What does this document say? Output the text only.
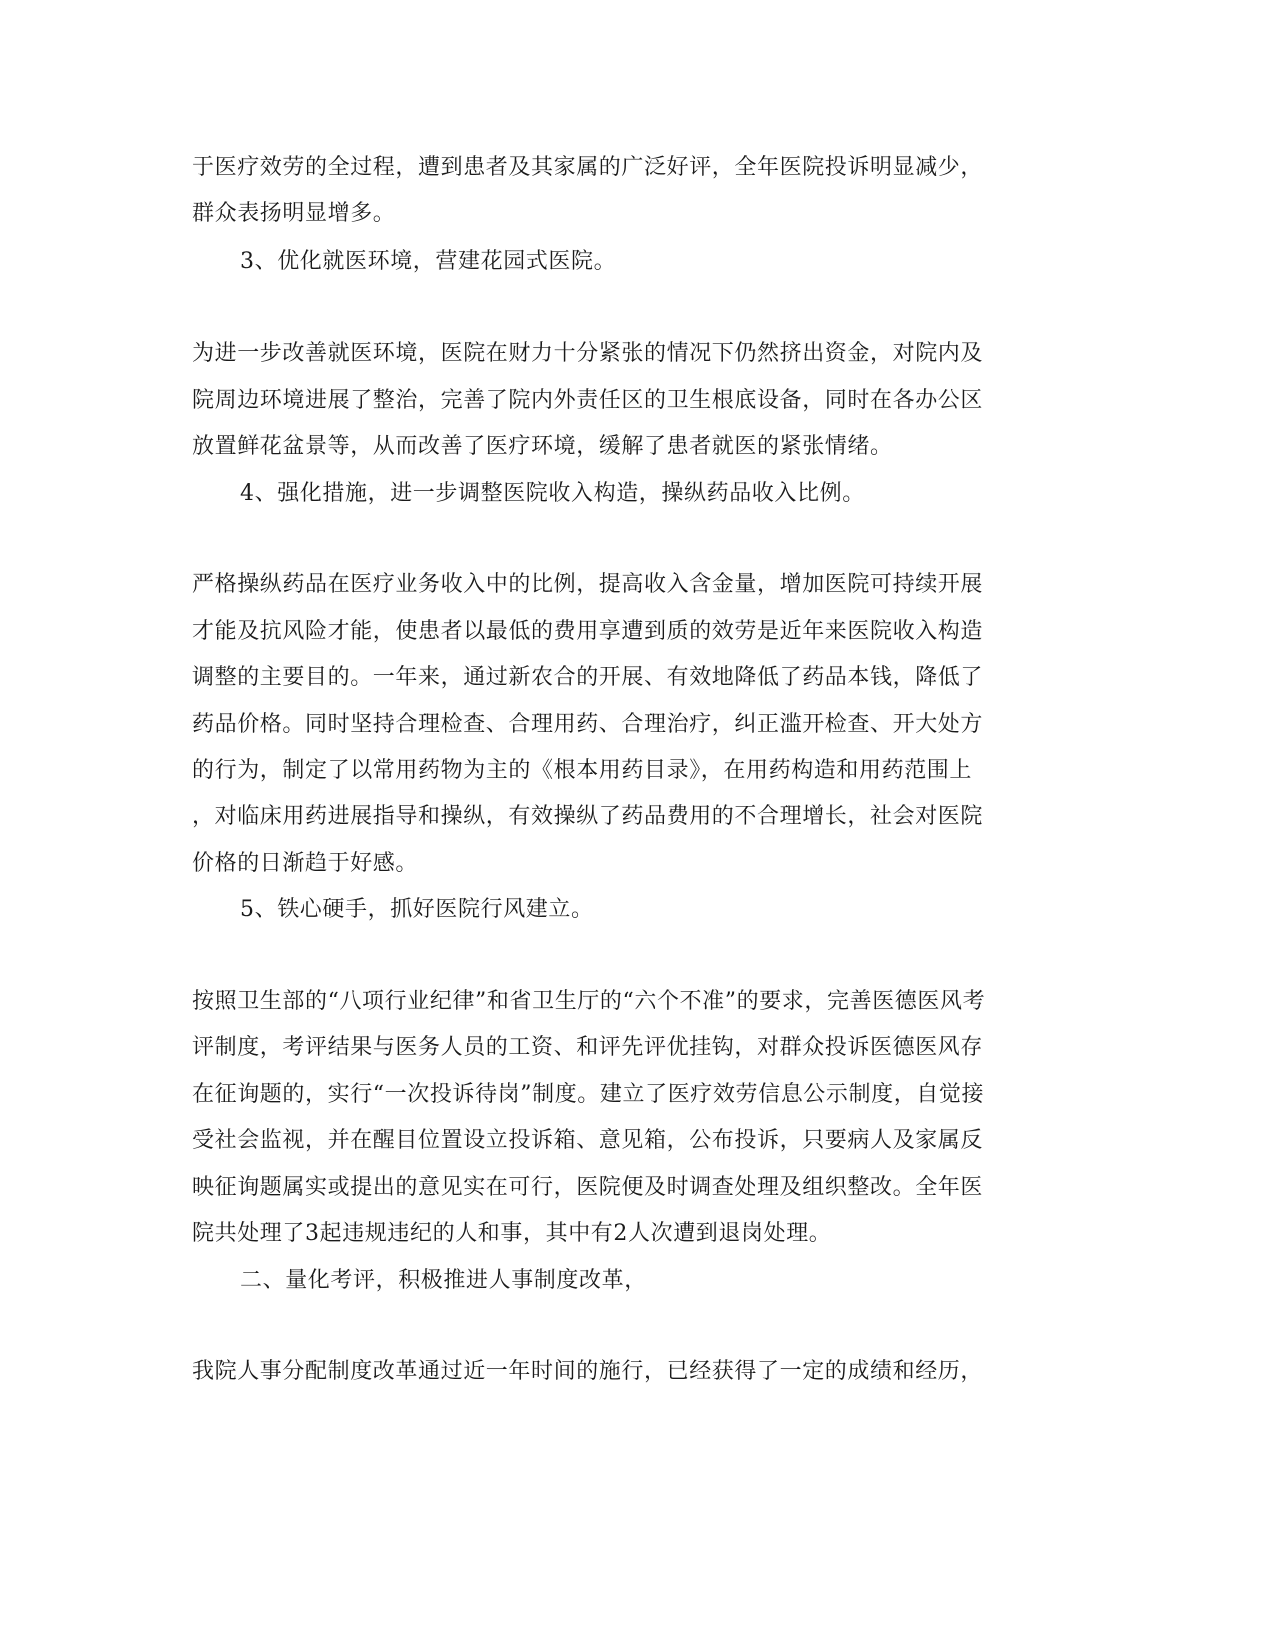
于医疗效劳的全过程，遭到患者及其家属的广泛好评，全年医院投诉明显减少，
群众表扬明显增多。
3、优化就医环境，营建花园式医院。
为进一步改善就医环境，医院在财力十分紧张的情况下仍然挤出资金，对院内及
院周边环境进展了整治，完善了院内外责任区的卫生根底设备，同时在各办公区
放置鲜花盆景等，从而改善了医疗环境，缓解了患者就医的紧张情绪。
4、强化措施，进一步调整医院收入构造，操纵药品收入比例。
严格操纵药品在医疗业务收入中的比例，提高收入含金量，增加医院可持续开展
才能及抗风险才能，使患者以最低的费用享遭到质的效劳是近年来医院收入构造
调整的主要目的。一年来，通过新农合的开展、有效地降低了药品本钱，降低了
药品价格。同时坚持合理检查、合理用药、合理治疗，纠正滥开检查、开大处方
的行为，制定了以常用药物为主的《根本用药目录》，在用药构造和用药范围上
，对临床用药进展指导和操纵，有效操纵了药品费用的不合理增长，社会对医院
价格的日渐趋于好感。
5、铁心硬手，抓好医院行风建立。
按照卫生部的“八项行业纪律”和省卫生厅的“六个不准”的要求，完善医德医风考
评制度，考评结果与医务人员的工资、和评先评优挂钩，对群众投诉医德医风存
在征询题的，实行“一次投诉待岗”制度。建立了医疗效劳信息公示制度，自觉接
受社会监视，并在醒目位置设立投诉箱、意见箱，公布投诉，只要病人及家属反
映征询题属实或提出的意见实在可行，医院便及时调查处理及组织整改。全年医
院共处理了3起违规违纪的人和事，其中有2人次遭到退岗处理。
二、量化考评，积极推进人事制度改革，
我院人事分配制度改革通过近一年时间的施行，已经获得了一定的成绩和经历，
